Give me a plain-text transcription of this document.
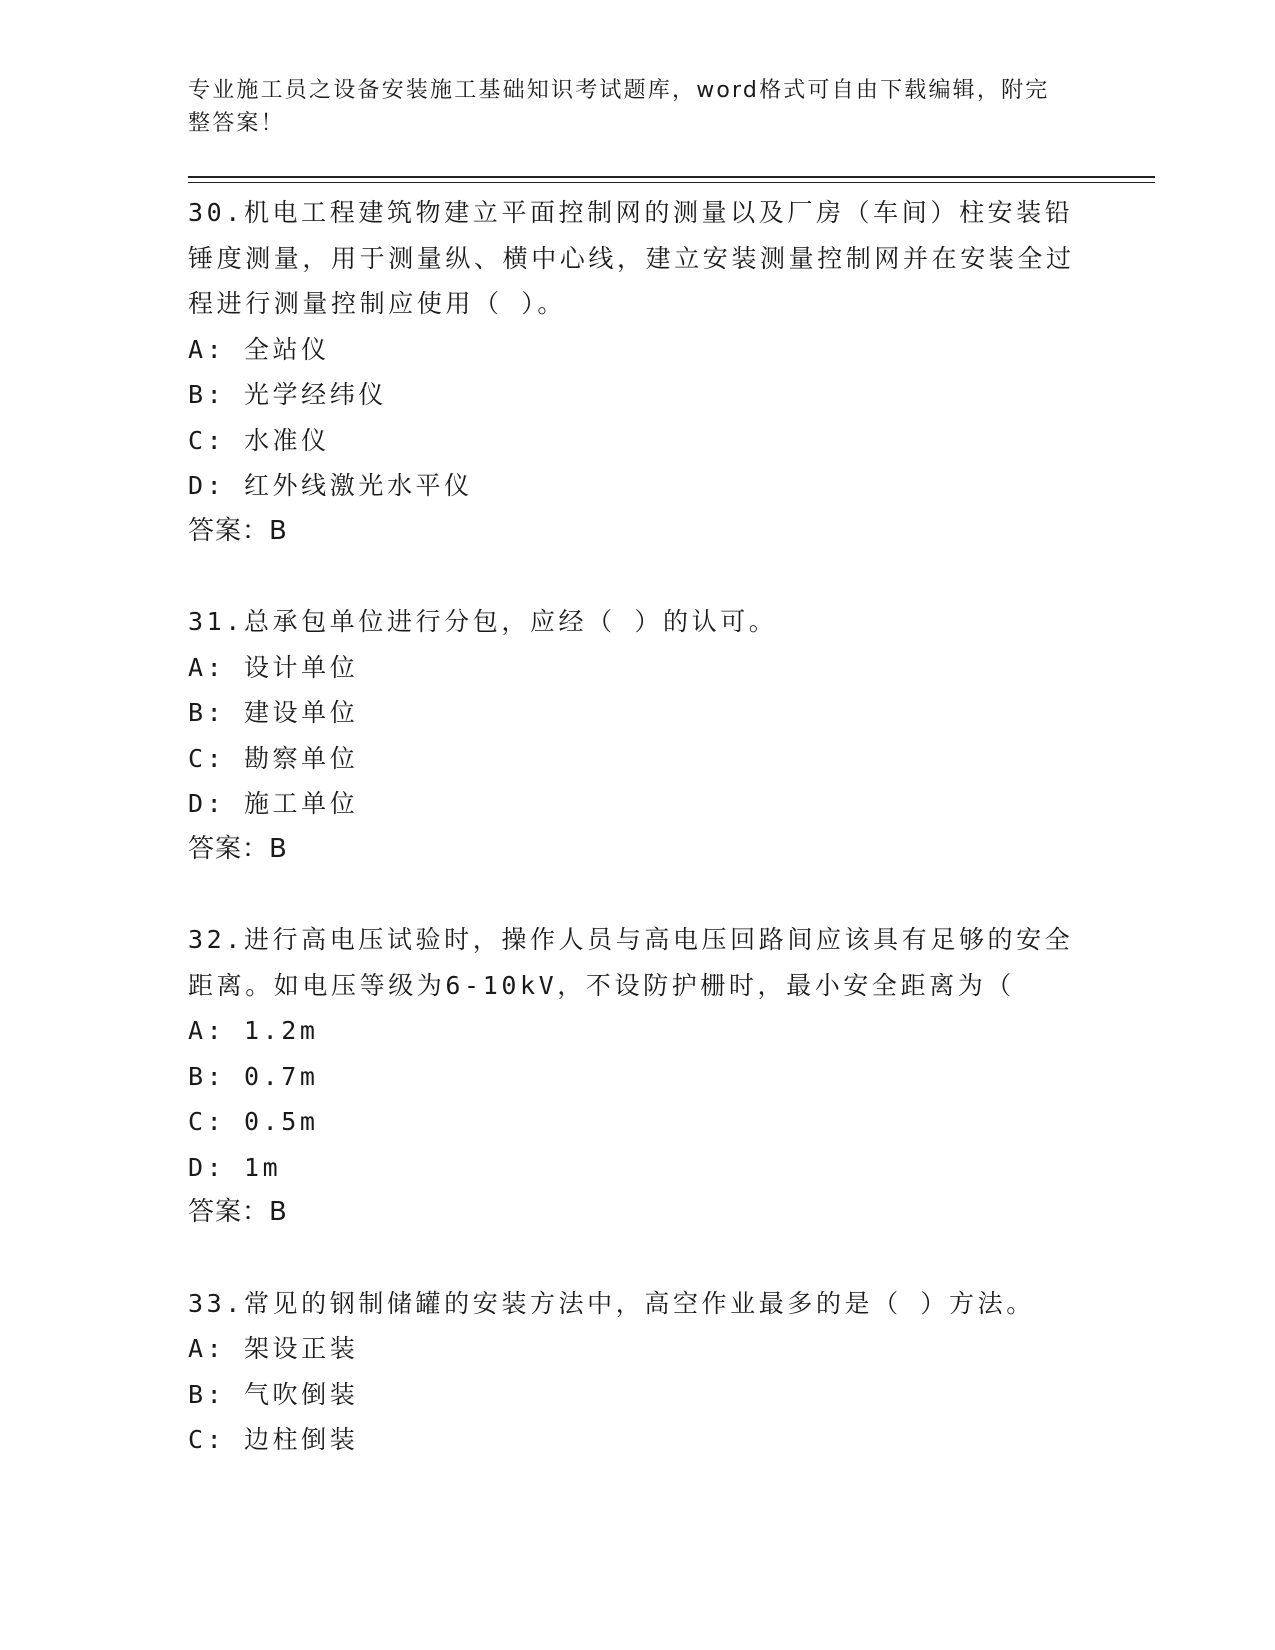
专业施工员之设备安装施工基础知识考试题库，word格式可自由下载编辑，附完整答案！
30.机电工程建筑物建立平面控制网的测量以及厂房（车间）柱安装铅锤度测量，用于测量纵、横中心线，建立安装测量控制网并在安装全过程进行测量控制应使用（ ）。
A: 全站仪
B: 光学经纬仪
C: 水准仪
D: 红外线激光水平仪
答案：B
31.总承包单位进行分包，应经（ ）的认可。
A: 设计单位
B: 建设单位
C: 勘察单位
D: 施工单位
答案：B
32.进行高电压试验时，操作人员与高电压回路间应该具有足够的安全距离。如电压等级为6-10kV，不设防护栅时，最小安全距离为（
A: 1.2m
B: 0.7m
C: 0.5m
D: 1m
答案：B
33.常见的钢制储罐的安装方法中，高空作业最多的是（ ）方法。
A: 架设正装
B: 气吹倒装
C: 边柱倒装
